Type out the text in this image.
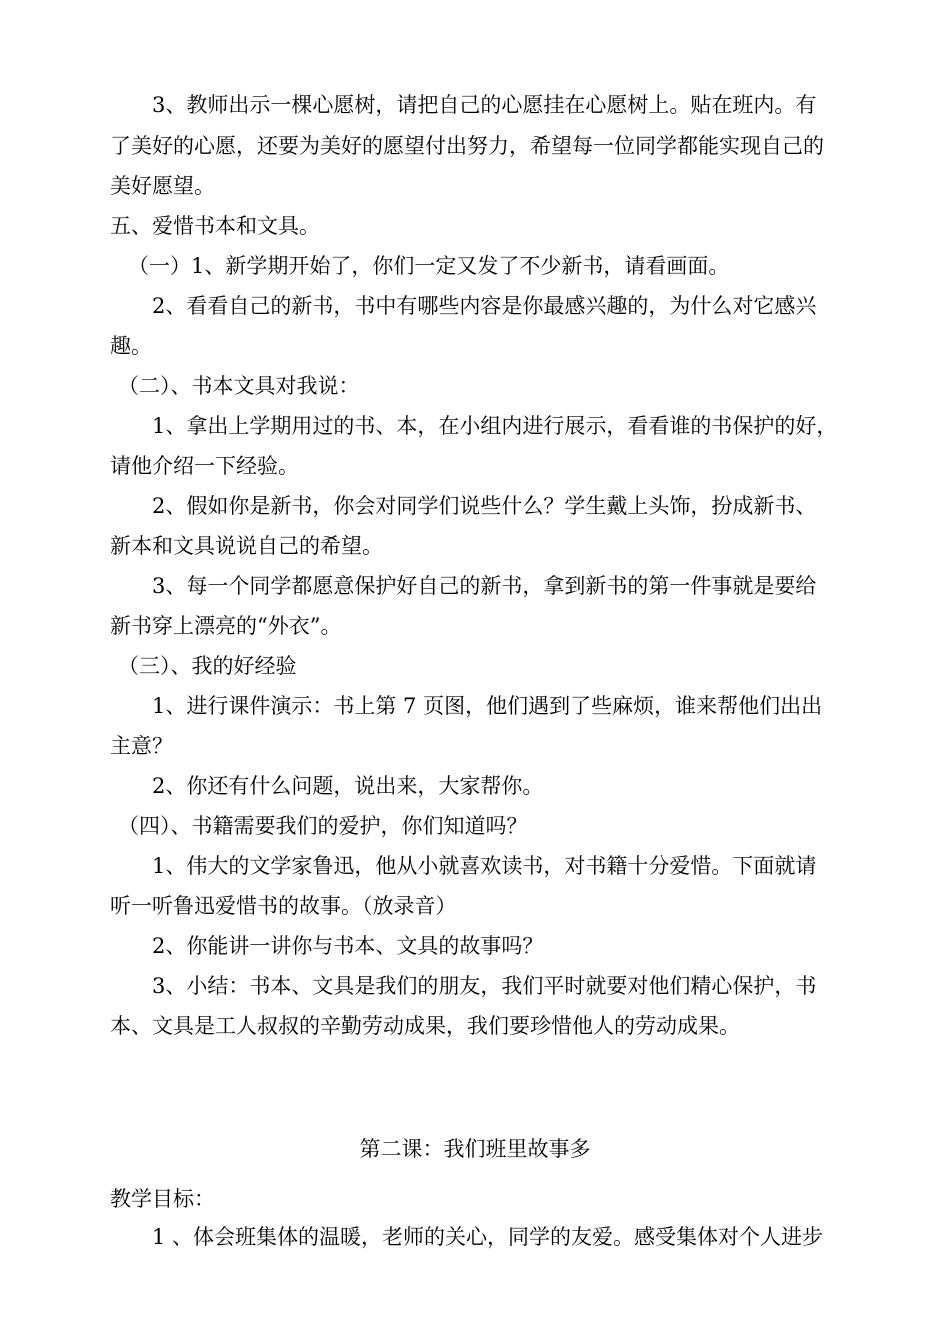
3、教师出示一棵心愿树，请把自己的心愿挂在心愿树上。贴在班内。有
了美好的心愿，还要为美好的愿望付出努力，希望每一位同学都能实现自己的
美好愿望。
五、爱惜书本和文具。
（一）1、新学期开始了，你们一定又发了不少新书，请看画面。
2、看看自己的新书，书中有哪些内容是你最感兴趣的，为什么对它感兴
趣。
（二）、书本文具对我说：
1、拿出上学期用过的书、本，在小组内进行展示，看看谁的书保护的好，
请他介绍一下经验。
2、假如你是新书，你会对同学们说些什么？学生戴上头饰，扮成新书、
新本和文具说说自己的希望。
3、每一个同学都愿意保护好自己的新书，拿到新书的第一件事就是要给
新书穿上漂亮的“外衣”。
（三）、我的好经验
1、进行课件演示：书上第 7 页图，他们遇到了些麻烦，谁来帮他们出出
主意？
2、你还有什么问题，说出来，大家帮你。
（四）、书籍需要我们的爱护，你们知道吗？
1、伟大的文学家鲁迅，他从小就喜欢读书，对书籍十分爱惜。下面就请
听一听鲁迅爱惜书的故事。（放录音）
2、你能讲一讲你与书本、文具的故事吗？
3、小结：书本、文具是我们的朋友，我们平时就要对他们精心保护，书
本、文具是工人叔叔的辛勤劳动成果，我们要珍惜他人的劳动成果。
第二课：我们班里故事多
教学目标：
1 、体会班集体的温暖，老师的关心，同学的友爱。感受集体对个人进步
